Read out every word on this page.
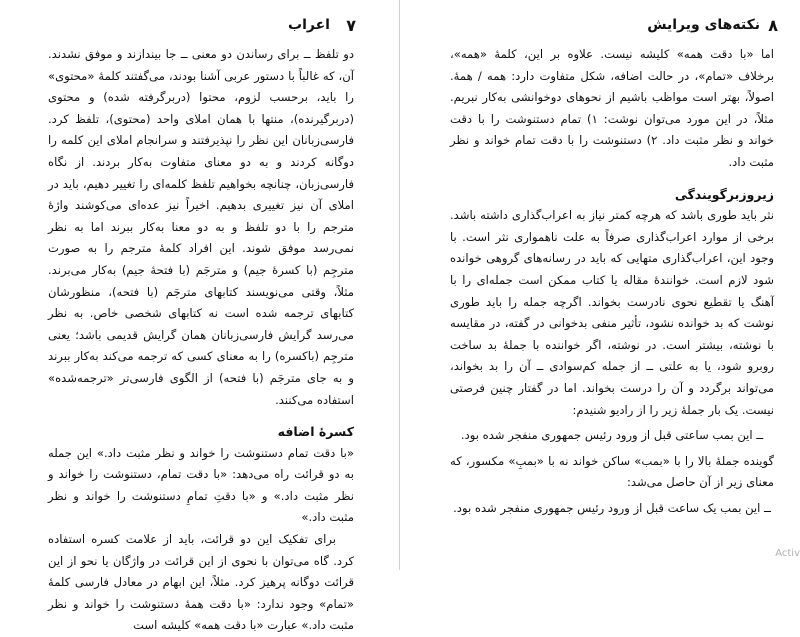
اعراب ۷

دو تلفظ ــ برای رساندن دو معنی ــ جا بیندازند و موفق نشدند. آن، که غالباً با دستور عربی آشنا بودند، می‌گفتند کلمهٔ «محتوی» را باید، برحسب لزوم، محتوا (دربرگرفته شده) و محتوی (دربرگیرنده)، منتها با همان املای واحد (محتوی)، تلفظ کرد. فارسی‌زبانان این نظر را نپذیرفتند و سرانجام املای این کلمه را دوگانه کردند و به دو معنای متفاوت به‌کار بردند. از نگاه فارسی‌زبان، چنانچه بخواهیم تلفظ کلمه‌ای را تغییر دهیم، باید در املای آن نیز تغییری بدهیم. اخیراً نیز عده‌ای می‌کوشند واژهٔ مترجم را با دو تلفظ و به دو معنا به‌کار ببرند اما به نظر نمی‌رسد موفق شوند. این افراد کلمهٔ مترجم را به صورت مترجِم (با کسرهٔ جیم) و مترجَم (با فتحهٔ جیم) به‌کار می‌برند. مثلاً، وقتی می‌نویسند کتابهای مترجَم (با فتحه)، منظورشان کتابهای ترجمه شده است نه کتابهای شخصی خاص. به نظر می‌رسد گرایش فارسی‌زبانان همان گرایش قدیمی باشد؛ یعنی مترجِم (باکسره) را به معنای کسی که ترجمه می‌کند به‌کار ببرند و به جای مترجَم (با فتحه) از الگوی فارسی‌تر «ترجمه‌شده» استفاده می‌کنند.

کسرهٔ اضافه

«با دقت تمام دستنوشت را خواند و نظر مثبت داد.» این جمله به دو قرائت راه می‌دهد: «با دقت تمام، دستنوشت را خواند و نظر مثبت داد.» و «با دقتِ تمامِ دستنوشت را خواند و نظر مثبت داد.»

برای تفکیک این دو قرائت، باید از علامت کسره استفاده کرد. گاه می‌توان با نحوی از این قرائت در واژگان یا نحو از این قرائت دوگانه پرهیز کرد. مثلاً، این ابهام در معادل فارسی کلمهٔ «تمام» وجود ندارد: «با دقت همهٔ دستنوشت را خواند و نظر مثبت داد.» عبارت «با دقت همه» کلیشه است

۸
نکته‌های ویرایش

اما «با دقت همه» کلیشه نیست. علاوه بر این، کلمهٔ «همه»، برخلاف «تمام»، در حالت اضافه، شکل متفاوت دارد: همه / همهٔ. اصولاً، بهتر است مواظب باشیم از نحوهای دوخوانشی به‌کار نبریم. مثلاً، در این مورد می‌توان نوشت: ۱) تمام دستنوشت را با دقت خواند و نظر مثبت داد. ۲) دستنوشت را با دقت تمام خواند و نظر مثبت داد.

زیروزبرگویندگی

نثر باید طوری باشد که هرچه کمتر نیاز به اعراب‌گذاری داشته باشد. برخی از موارد اعراب‌گذاری صرفاً به علت ناهمواری نثر است. با وجود این، اعراب‌گذاری متهایی که باید در رسانه‌های گروهی خوانده شود لازم است. خوانندهٔ مقاله یا کتاب ممکن است جمله‌ای را با آهنگ یا تقطیع نحوی نادرست بخواند. اگرچه جمله را باید طوری نوشت که بد خوانده نشود، تأثیر منفی بدخوانی در گفته، در مقایسه با نوشته، بیشتر است. در نوشته، اگر خواننده با جملهٔ بد ساخت روبرو شود، یا به علتی ــ از جمله کم‌سوادی ــ آن را بد بخواند، می‌تواند برگردد و آن را درست بخواند. اما در گفتار چنین فرصتی نیست. یک بار جملهٔ زیر را از رادیو شنیدم:

ــ این بمب ساعتی قبل از ورود رئیس جمهوری منفجر شده بود.

گوینده جملهٔ بالا را با «بمب» ساکن خواند نه با «بمبِ» مکسور، که معنای زیر از آن حاصل می‌شد:

ــ این بمب یک ساعت قبل از ورود رئیس جمهوری منفجر شده بود.

Activ
